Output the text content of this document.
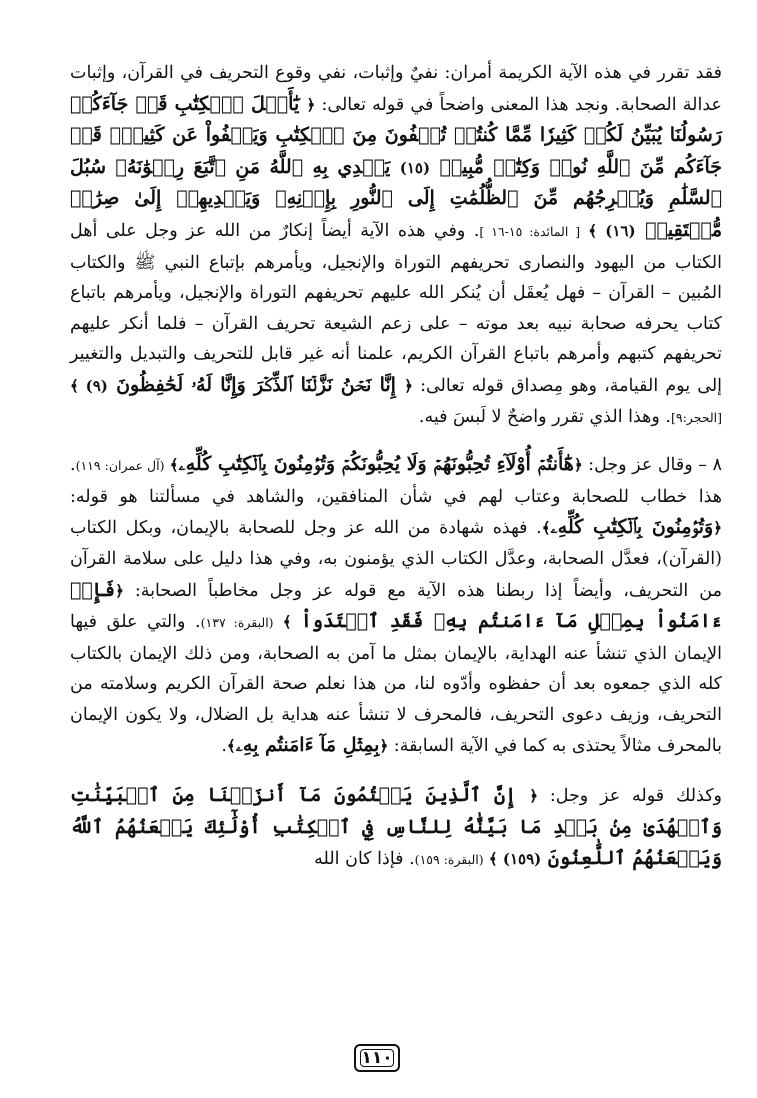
فقد تقرر في هذه الآية الكريمة أمران: نفيٌ وإثبات، نفي وقوع التحريف في القرآن، وإثبات عدالة الصحابة. ونجد هذا المعنى واضحاً في قوله تعالى: ﴿ يَٰٓأَهۡلَ ٱلۡكِتَٰبِ قَدۡ جَآءَكُمۡ رَسُولُنَا يُبَيِّنُ لَكُمۡ كَثِيرٗا مِّمَّا كُنتُمۡ تُخۡفُونَ مِنَ ٱلۡكِتَٰبِ وَيَعۡفُواْ عَن كَثِيرٖۚ قَدۡ جَآءَكُم مِّنَ ٱللَّهِ نُورٞ وَكِتَٰبٞ مُّبِينٞ (١٥) يَهۡدِي بِهِ ٱللَّهُ مَنِ ٱتَّبَعَ رِضۡوَٰنَهُۥ سُبُلَ ٱلسَّلَٰمِ وَيُخۡرِجُهُم مِّنَ ٱلظُّلُمَٰتِ إِلَى ٱلنُّورِ بِإِذۡنِهِۦ وَيَهۡدِيهِمۡ إِلَىٰ صِرَٰطٖ مُّسۡتَقِيمٖ (١٦) ﴾ [ المائدة: ١٥-١٦ ]. وفي هذه الآية أيضاً إنكارٌ من الله عز وجل على أهل الكتاب من اليهود والنصارى تحريفهم التوراة والإنجيل، ويأمرهم بإتباع النبي ﷺ والكتاب المُبين – القرآن – فهل يُعقَل أن يُنكر الله عليهم تحريفهم التوراة والإنجيل، ويأمرهم باتباع كتاب يحرفه صحابة نبيه بعد موته – على زعم الشيعة تحريف القرآن – فلما أنكر عليهم تحريفهم كتبهم وأمرهم باتباع القرآن الكريم، علمنا أنه غير قابل للتحريف والتبديل والتغيير إلى يوم القيامة، وهو مِصداق قوله تعالى: ﴿ إِنَّا نَحۡنُ نَزَّلۡنَا ٱلذِّكۡرَ وَإِنَّا لَهُۥ لَحَٰفِظُونَ (٩) ﴾ [الحجر:٩]. وهذا الذي تقرر واضحٌ لا لَبسَ فيه.

٨ – وقال عز وجل: ﴿هَٰٓأَنتُمۡ أُوْلَآءِ تُحِبُّونَهُمۡ وَلَا يُحِبُّونَكُمۡ وَتُؤۡمِنُونَ بِٱلۡكِتَٰبِ كُلِّهِۦ﴾ (آل عمران: ١١٩). هذا خطاب للصحابة وعتاب لهم في شأن المنافقين، والشاهد في مسألتنا هو قوله: ﴿وَتُؤۡمِنُونَ بِٱلۡكِتَٰبِ كُلِّهِۦ﴾. فهذه شهادة من الله عز وجل للصحابة بالإيمان، وبكل الكتاب (القرآن)، فعدَّل الصحابة، وعدَّل الكتاب الذي يؤمنون به، وفي هذا دليل على سلامة القرآن من التحريف، وأيضاً إذا ربطنا هذه الآية مع قوله عز وجل مخاطباً الصحابة: ﴿فَإِنۡ ءَامَنُواْ بِمِثۡلِ مَآ ءَامَنتُم بِهِۦ فَقَدِ ٱهۡتَدَواْ ﴾ (البقرة: ١٣٧). والتي علق فيها الإيمان الذي تنشأ عنه الهداية، بالإيمان بمثل ما آمن به الصحابة، ومن ذلك الإيمان بالكتاب كله الذي جمعوه بعد أن حفظوه وأدّوه لنا، من هذا نعلم صحة القرآن الكريم وسلامته من التحريف، وزيف دعوى التحريف، فالمحرف لا تنشأ عنه هداية بل الضلال، ولا يكون الإيمان بالمحرف مثالاً يحتذى به كما في الآية السابقة: ﴿بِمِثۡلِ مَآ ءَامَنتُم بِهِۦ﴾.

وكذلك قوله عز وجل: ﴿ إِنَّ ٱلَّذِينَ يَكۡتُمُونَ مَآ أَنزَلۡنَا مِنَ ٱلۡبَيِّنَٰتِ وَٱلۡهُدَىٰ مِنۢ بَعۡدِ مَا بَيَّنَّٰهُ لِلنَّاسِ فِي ٱلۡكِتَٰبِ أُوْلَٰٓئِكَ يَلۡعَنُهُمُ ٱللَّهُ وَيَلۡعَنُهُمُ ٱللَّٰعِنُونَ (١٥٩) ﴾ (البقرة: ١٥٩). فإذا كان الله

١١٠
